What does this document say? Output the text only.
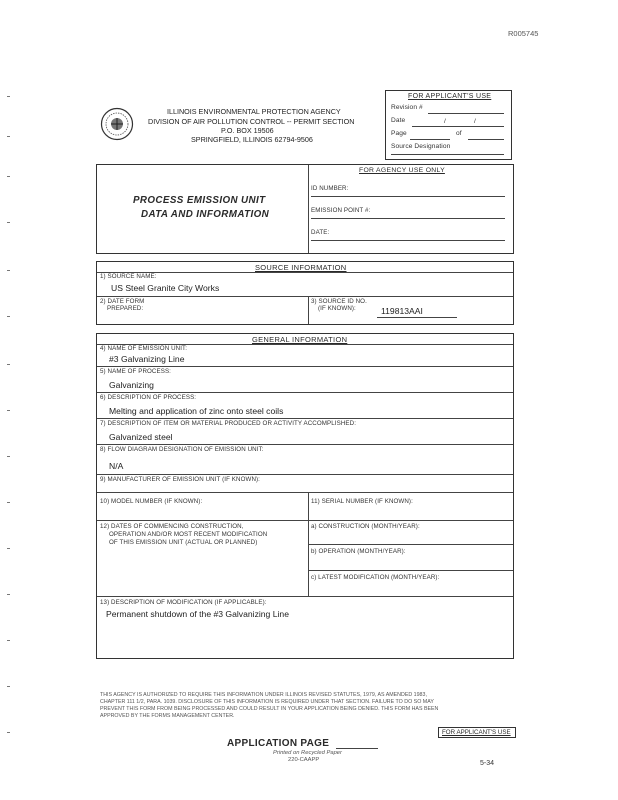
R005745
ILLINOIS ENVIRONMENTAL PROTECTION AGENCY
DIVISION OF AIR POLLUTION CONTROL -- PERMIT SECTION
P.O. BOX 19506
SPRINGFIELD, ILLINOIS 62794-9506
FOR APPLICANT'S USE
Revision #
Date	/	/
Page	of
Source Designation
PROCESS EMISSION UNIT
DATA AND INFORMATION
FOR AGENCY USE ONLY
ID NUMBER:
EMISSION POINT #:
DATE:
SOURCE INFORMATION
1) SOURCE NAME:
US Steel Granite City Works
2) DATE FORM
PREPARED:
3) SOURCE ID NO.
(IF KNOWN):	119813AAI
GENERAL INFORMATION
4) NAME OF EMISSION UNIT:
#3 Galvanizing Line
5) NAME OF PROCESS:
Galvanizing
6) DESCRIPTION OF PROCESS:
Melting and application of zinc onto steel coils
7) DESCRIPTION OF ITEM OR MATERIAL PRODUCED OR ACTIVITY ACCOMPLISHED:
Galvanized steel
8) FLOW DIAGRAM DESIGNATION OF EMISSION UNIT:
N/A
9) MANUFACTURER OF EMISSION UNIT (IF KNOWN):
10) MODEL NUMBER (IF KNOWN):	11) SERIAL NUMBER (IF KNOWN):
12) DATES OF COMMENCING CONSTRUCTION,
OPERATION AND/OR MOST RECENT MODIFICATION
OF THIS EMISSION UNIT (ACTUAL OR PLANNED)
a) CONSTRUCTION (MONTH/YEAR):
b) OPERATION (MONTH/YEAR):
c) LATEST MODIFICATION (MONTH/YEAR):
13) DESCRIPTION OF MODIFICATION (IF APPLICABLE):
Permanent shutdown of the #3 Galvanizing Line
THIS AGENCY IS AUTHORIZED TO REQUIRE THIS INFORMATION UNDER ILLINOIS REVISED STATUTES, 1979, AS AMENDED 1983,
CHAPTER 111 1/2, PARA. 1039. DISCLOSURE OF THIS INFORMATION IS REQUIRED UNDER THAT SECTION. FAILURE TO DO SO MAY
PREVENT THIS FORM FROM BEING PROCESSED AND COULD RESULT IN YOUR APPLICATION BEING DENIED. THIS FORM HAS BEEN
APPROVED BY THE FORMS MANAGEMENT CENTER.
FOR APPLICANT'S USE
APPLICATION PAGE
Printed on Recycled Paper
220-CAAPP	5-34
